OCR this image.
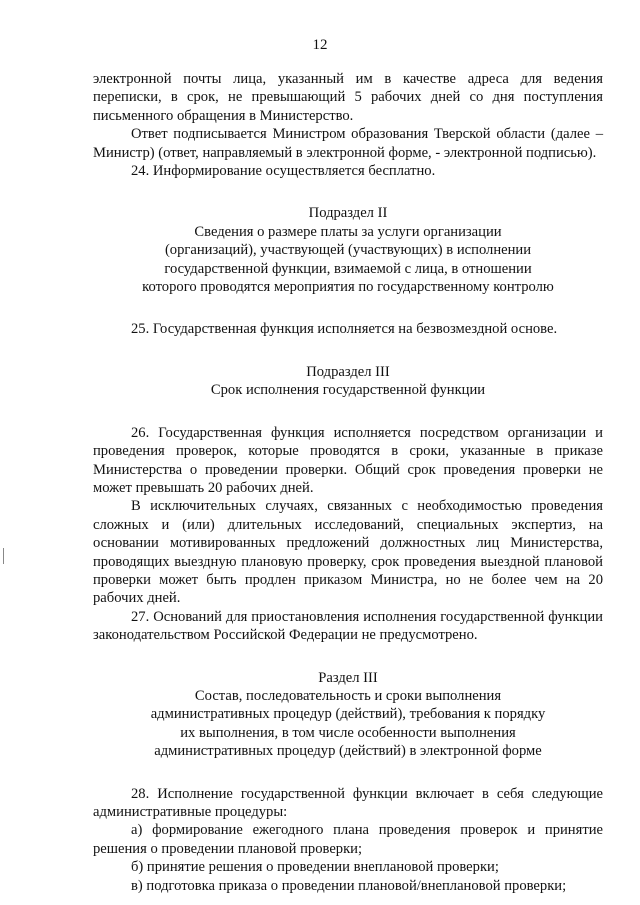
12

электронной почты лица, указанный им в качестве адреса для ведения переписки, в срок, не превышающий 5 рабочих дней со дня поступления письменного обращения в Министерство.

Ответ подписывается Министром образования Тверской области (далее – Министр) (ответ, направляемый в электронной форме, - электронной подписью).

24. Информирование осуществляется бесплатно.

Подраздел II

Сведения о размере платы за услуги организации

(организаций), участвующей (участвующих) в исполнении

государственной функции, взимаемой с лица, в отношении

которого проводятся мероприятия по государственному контролю

25. Государственная функция исполняется на безвозмездной основе.

Подраздел III

Срок исполнения государственной функции

26. Государственная функция исполняется посредством организации и проведения проверок, которые проводятся в сроки, указанные в приказе Министерства о проведении проверки. Общий срок проведения проверки не может превышать 20 рабочих дней.

В исключительных случаях, связанных с необходимостью проведения сложных и (или) длительных исследований, специальных экспертиз, на основании мотивированных предложений должностных лиц Министерства, проводящих выездную плановую проверку, срок проведения выездной плановой проверки может быть продлен приказом Министра, но не более чем на 20 рабочих дней.

27. Оснований для приостановления исполнения государственной функции законодательством Российской Федерации не предусмотрено.

Раздел III

Состав, последовательность и сроки выполнения

административных процедур (действий), требования к порядку

их выполнения, в том числе особенности выполнения

административных процедур (действий) в электронной форме

28. Исполнение государственной функции включает в себя следующие административные процедуры:

а) формирование ежегодного плана проведения проверок и принятие решения о проведении плановой проверки;

б) принятие решения о проведении внеплановой проверки;

в) подготовка приказа о проведении плановой/внеплановой проверки;
